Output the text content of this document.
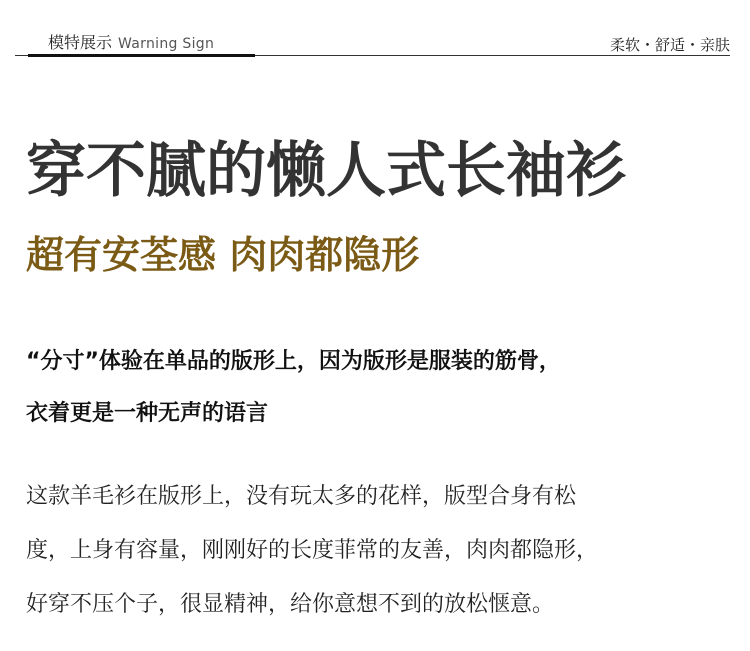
模特展示 Warning Sign	柔软・舒适・亲肤
穿不腻的懒人式长袖衫
超有安荃感 肉肉都隐形

“分寸”体验在单品的版形上，因为版形是服装的筋骨，

衣着更是一种无声的语言

这款羊毛衫在版形上，没有玩太多的花样，版型合身有松

度，上身有容量，刚刚好的长度菲常的友善，肉肉都隐形，

好穿不压个子，很显精神，给你意想不到的放松惬意。
